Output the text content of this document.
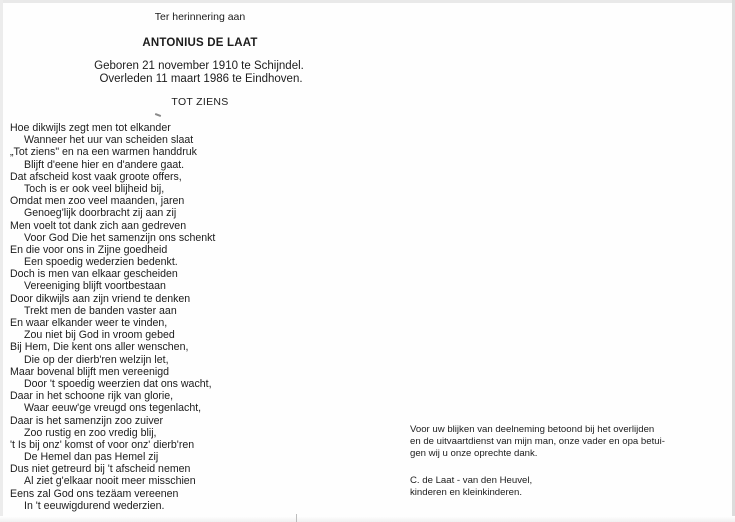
Ter herinnering aan
ANTONIUS DE LAAT
Geboren 21 november 1910 te Schijndel.
Overleden 11 maart 1986 te Eindhoven.
TOT ZIENS
Hoe dikwijls zegt men tot elkander
Wanneer het uur van scheiden slaat
„Tot ziens" en na een warmen handdruk
Blijft d'eene hier en d'andere gaat.
Dat afscheid kost vaak groote offers,
Toch is er ook veel blijheid bij,
Omdat men zoo veel maanden, jaren
Genoeg'lijk doorbracht zij aan zij
Men voelt tot dank zich aan gedreven
Voor God Die het samenzijn ons schenkt
En die voor ons in Zijne goedheid
Een spoedig wederzien bedenkt.
Doch is men van elkaar gescheiden
Vereeniging blijft voortbestaan
Door dikwijls aan zijn vriend te denken
Trekt men de banden vaster aan
En waar elkander weer te vinden,
Zou niet bij God in vroom gebed
Bij Hem, Die kent ons aller wenschen,
Die op der dierb'ren welzijn let,
Maar bovenal blijft men vereenigd
Door 't spoedig weerzien dat ons wacht,
Daar in het schoone rijk van glorie,
Waar eeuw'ge vreugd ons tegenlacht,
Daar is het samenzijn zoo zuiver
Zoo rustig en zoo vredig blij,
't Is bij onz' komst of voor onz' dierb'ren
De Hemel dan pas Hemel zij
Dus niet getreurd bij 't afscheid nemen
Al ziet g'elkaar nooit meer misschien
Eens zal God ons tezäam vereenen
In 't eeuwigdurend wederzien.
Voor uw blijken van deelneming betoond bij het overlijden
en de uitvaartdienst van mijn man, onze vader en opa betui-
gen wij u onze oprechte dank.
C. de Laat - van den Heuvel,
kinderen en kleinkinderen.
